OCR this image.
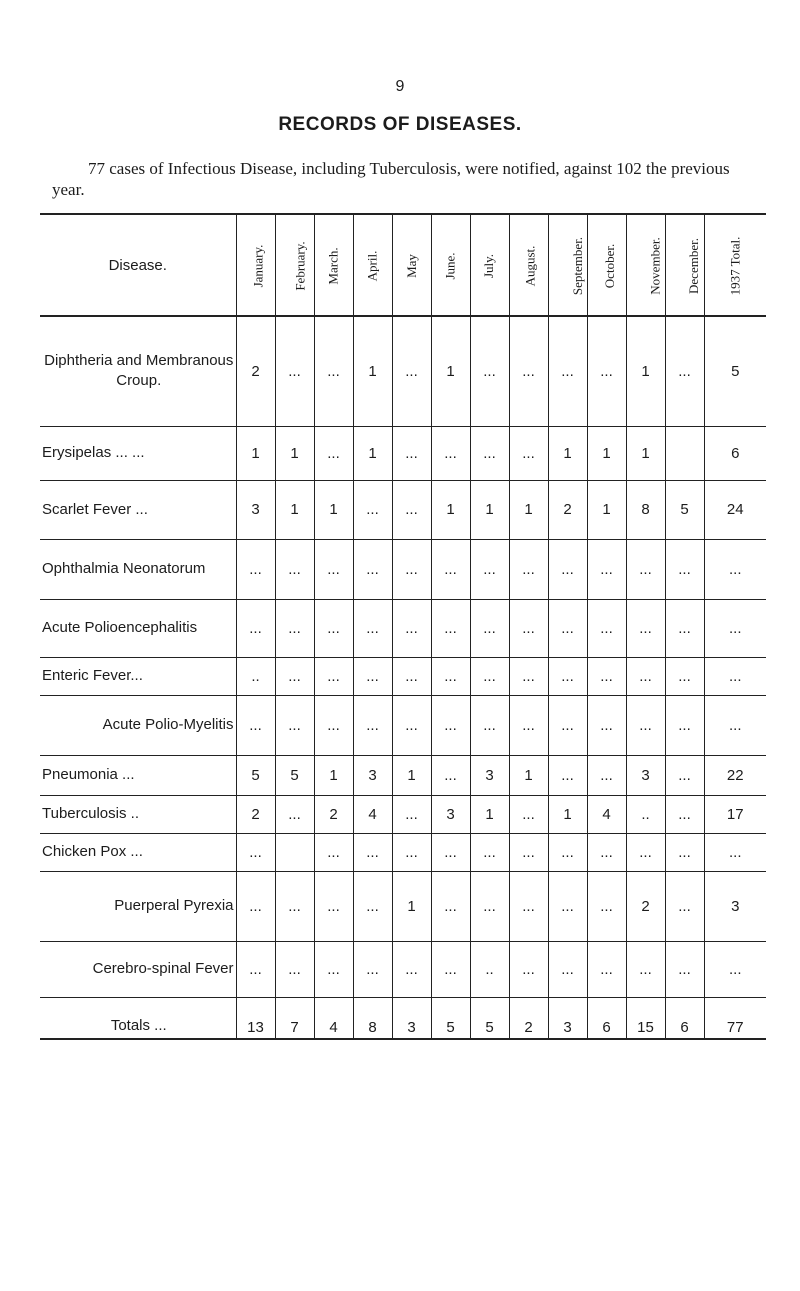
9
RECORDS OF DISEASES.
77 cases of Infectious Disease, including Tuberculosis, were notified, against 102 the previous year.
Disease.	January.	February.	March.	April.	May	June.	July.	August.	September.	October.	November.	December.	1937 Total.
Diphtheria and Membranous Croup.	2	...	...	1	...	1	...	...	...	...	1	...	5
Erysipelas ... ...	1	1	...	1	...	...	...	...	1	1	1		6
Scarlet Fever ...	3	1	1	...	...	1	1	1	2	1	8	5	24
Ophthalmia Neonatorum	...	...	...	...	...	...	...	...	...	...	...	...	...
Acute Polioencephalitis	...	...	...	...	...	...	...	...	...	...	...	...	...
Enteric Fever...	..	...	...	...	...	...	...	...	...	...	...	...	...
Acute Polio-Myelitis	...	...	...	...	...	...	...	...	...	...	...	...	...
Pneumonia ...	5	5	1	3	1	...	3	1	...	...	3	...	22
Tuberculosis ..	2	...	2	4	...	3	1	...	1	4	..	...	17
Chicken Pox ...	...		...	...	...	...	...	...	...	...	...	...	...
Puerperal Pyrexia	...	...	...	...	1	...	...	...	...	...	2	...	3
Cerebro-spinal Fever	...	...	...	...	...	...	..	...	...	...	...	...	...
Totals ...	13	7	4	8	3	5	5	2	3	6	15	6	77
